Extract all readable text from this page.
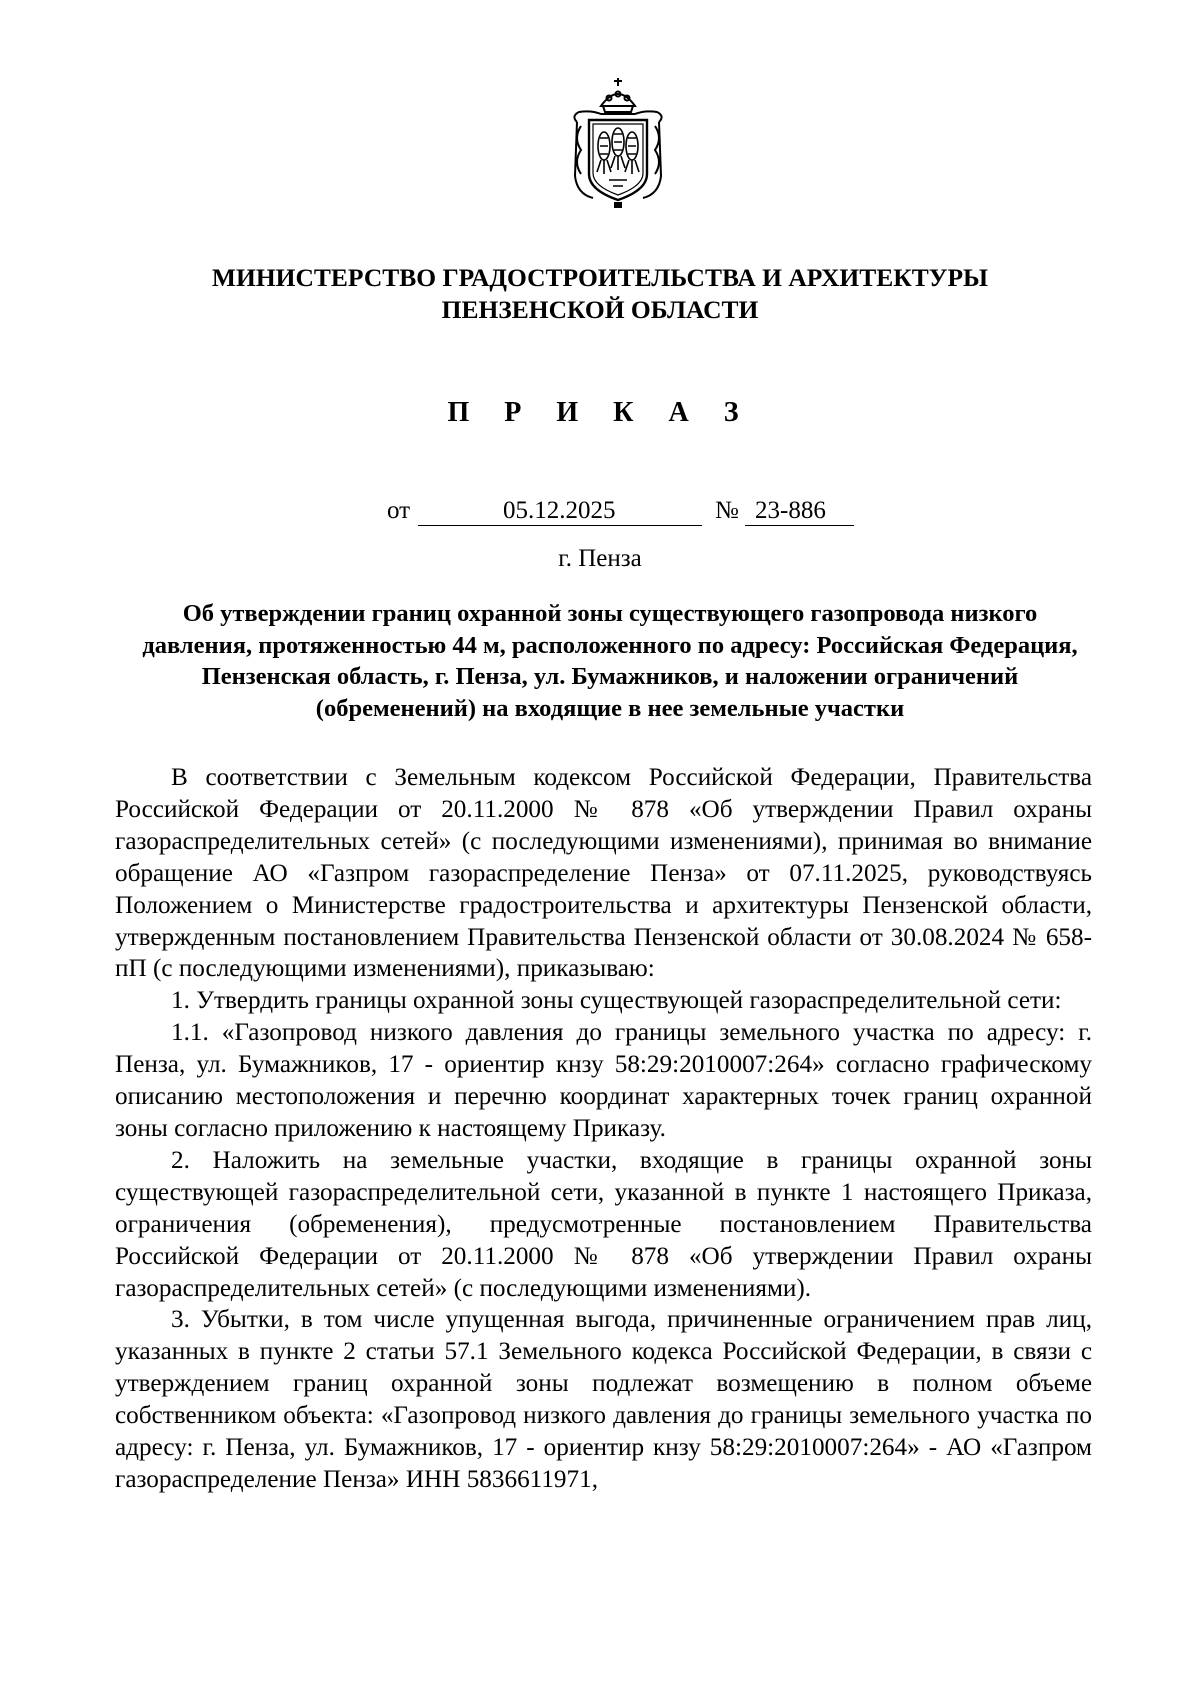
МИНИСТЕРСТВО ГРАДОСТРОИТЕЛЬСТВА И АРХИТЕКТУРЫ
ПЕНЗЕНСКОЙ ОБЛАСТИ
П Р И К А З
от	05.12.2025	№ 23-886
г. Пенза
Об утверждении границ охранной зоны существующего газопровода низкого давления, протяженностью 44 м, расположенного по адресу: Российская Федерация, Пензенская область, г. Пенза, ул. Бумажников, и наложении ограничений (обременений) на входящие в нее земельные участки

В соответствии с Земельным кодексом Российской Федерации, Правительства Российской Федерации от 20.11.2000 № 878 «Об утверждении Правил охраны газораспределительных сетей» (с последующими изменениями), принимая во внимание обращение АО «Газпром газораспределение Пенза» от 07.11.2025, руководствуясь Положением о Министерстве градостроительства и архитектуры Пензенской области, утвержденным постановлением Правительства Пензенской области от 30.08.2024 № 658-пП (с последующими изменениями), приказываю:

1. Утвердить границы охранной зоны существующей газораспределительной сети:

1.1. «Газопровод низкого давления до границы земельного участка по адресу: г. Пенза, ул. Бумажников, 17 - ориентир кнзу 58:29:2010007:264» согласно графическому описанию местоположения и перечню координат характерных точек границ охранной зоны согласно приложению к настоящему Приказу.

2. Наложить на земельные участки, входящие в границы охранной зоны существующей газораспределительной сети, указанной в пункте 1 настоящего Приказа, ограничения (обременения), предусмотренные постановлением Правительства Российской Федерации от 20.11.2000 № 878 «Об утверждении Правил охраны газораспределительных сетей» (с последующими изменениями).

3. Убытки, в том числе упущенная выгода, причиненные ограничением прав лиц, указанных в пункте 2 статьи 57.1 Земельного кодекса Российской Федерации, в связи с утверждением границ охранной зоны подлежат возмещению в полном объеме собственником объекта: «Газопровод низкого давления до границы земельного участка по адресу: г. Пенза, ул. Бумажников, 17 - ориентир кнзу 58:29:2010007:264» - АО «Газпром газораспределение Пенза» ИНН 5836611971,
